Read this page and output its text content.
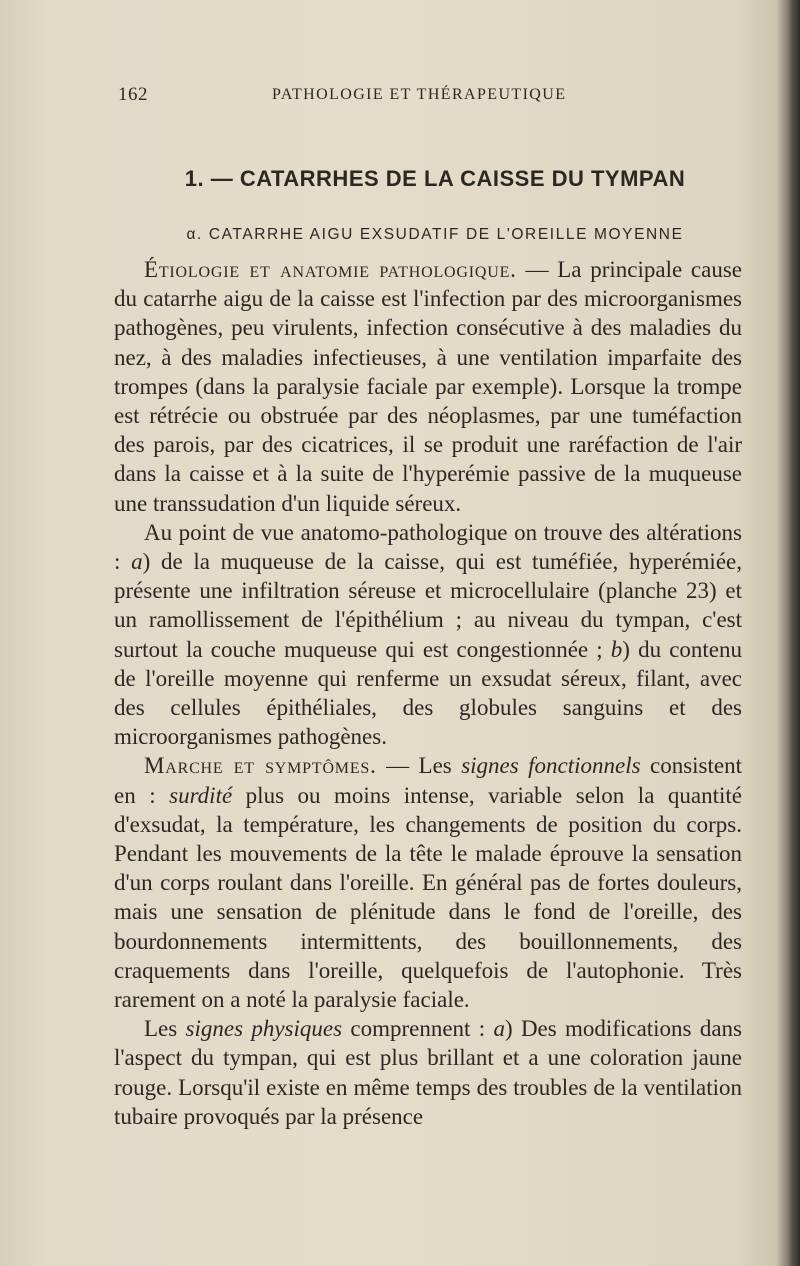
162	PATHOLOGIE ET THÉRAPEUTIQUE
1. — CATARRHES DE LA CAISSE DU TYMPAN
α. CATARRHE AIGU EXSUDATIF DE L'OREILLE MOYENNE

Étiologie et anatomie pathologique. — La principale cause du catarrhe aigu de la caisse est l'infection par des microorganismes pathogènes, peu virulents, infection consécutive à des maladies du nez, à des maladies infectieuses, à une ventilation imparfaite des trompes (dans la paralysie faciale par exemple). Lorsque la trompe est rétrécie ou obstruée par des néoplasmes, par une tuméfaction des parois, par des cicatrices, il se produit une raréfaction de l'air dans la caisse et à la suite de l'hyperémie passive de la muqueuse une transsudation d'un liquide séreux.

Au point de vue anatomo-pathologique on trouve des altérations : a) de la muqueuse de la caisse, qui est tuméfiée, hyperémiée, présente une infiltration séreuse et microcellulaire (planche 23) et un ramollissement de l'épithélium ; au niveau du tympan, c'est surtout la couche muqueuse qui est congestionnée ; b) du contenu de l'oreille moyenne qui renferme un exsudat séreux, filant, avec des cellules épithéliales, des globules sanguins et des microorganismes pathogènes.

Marche et symptômes. — Les signes fonctionnels consistent en : surdité plus ou moins intense, variable selon la quantité d'exsudat, la température, les changements de position du corps. Pendant les mouvements de la tête le malade éprouve la sensation d'un corps roulant dans l'oreille. En général pas de fortes douleurs, mais une sensation de plénitude dans le fond de l'oreille, des bourdonnements intermittents, des bouillonnements, des craquements dans l'oreille, quelquefois de l'autophonie. Très rarement on a noté la paralysie faciale.

Les signes physiques comprennent : a) Des modifications dans l'aspect du tympan, qui est plus brillant et a une coloration jaune rouge. Lorsqu'il existe en même temps des troubles de la ventilation tubaire provoqués par la présence
